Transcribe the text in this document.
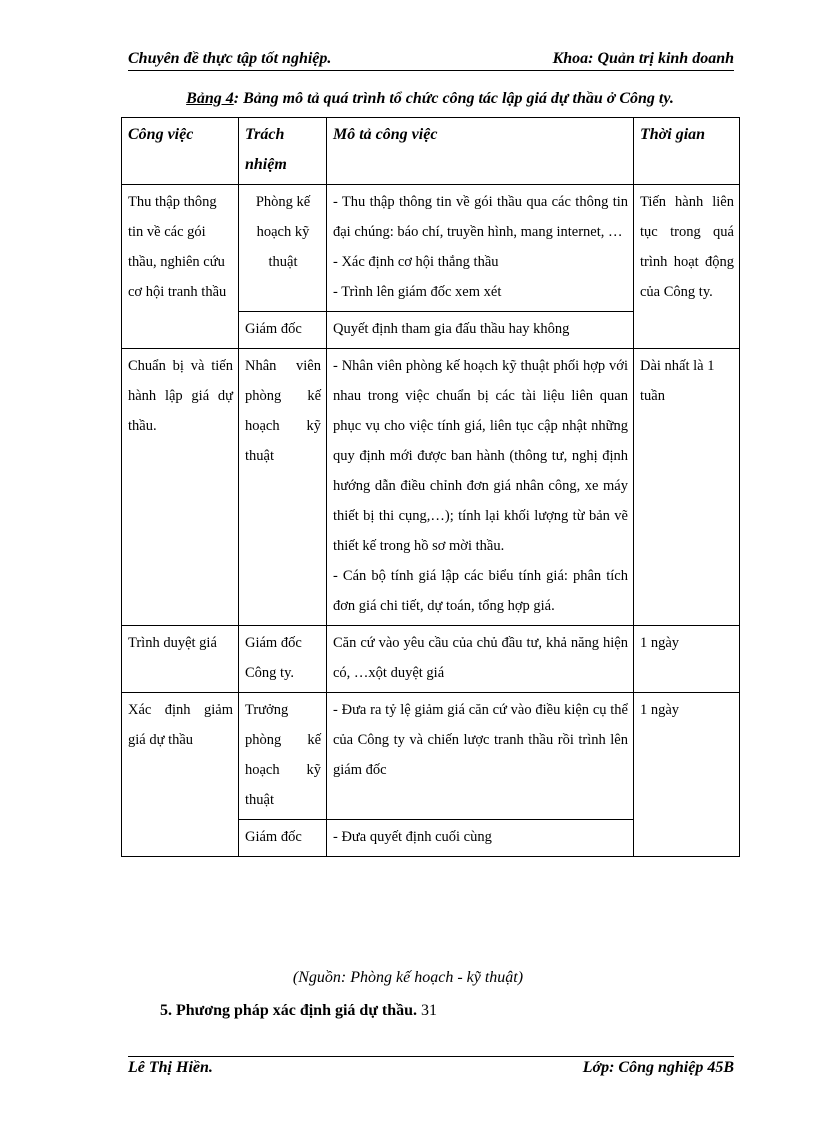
Chuyên đề thực tập tốt nghiệp.	Khoa: Quản trị kinh doanh
Bảng 4: Bảng mô tả quá trình tổ chức công tác lập giá dự thầu ở Công ty.
Công việc	Trách nhiệm	Mô tả công việc	Thời gian
Thu thập thông tin về các gói thầu, nghiên cứu cơ hội tranh thầu	Phòng kế hoạch kỹ thuật	- Thu thập thông tin về gói thầu qua các thông tin đại chúng: báo chí, truyền hình, mang internet, …
- Xác định cơ hội thắng thầu
- Trình lên giám đốc xem xét	Tiến hành liên tục trong quá trình hoạt động của Công ty.
	Giám đốc	Quyết định tham gia đấu thầu hay không	
Chuẩn bị và tiến hành lập giá dự thầu.	Nhân viên phòng kế hoạch kỹ thuật	- Nhân viên phòng kế hoạch kỹ thuật phối hợp với nhau trong việc chuẩn bị các tài liệu liên quan phục vụ cho việc tính giá, liên tục cập nhật những quy định mới được ban hành (thông tư, nghị định hướng dẫn điều chỉnh đơn giá nhân công, xe máy thiết bị thi cụng,…); tính lại khối lượng từ bản vẽ thiết kế trong hồ sơ mời thầu.
- Cán bộ tính giá lập các biểu tính giá: phân tích đơn giá chi tiết, dự toán, tổng hợp giá.	Dài nhất là 1 tuần
Trình duyệt giá	Giám đốc Công ty.	Căn cứ vào yêu cầu của chủ đầu tư, khả năng hiện có, …xột duyệt giá	1 ngày
Xác định giảm giá dự thầu	Trưởng phòng kế hoạch kỹ thuật	- Đưa ra tỷ lệ giảm giá căn cứ vào điều kiện cụ thể của Công ty và chiến lược tranh thầu rồi trình lên giám đốc	1 ngày
	Giám đốc	- Đưa quyết định cuối cùng	
(Nguồn: Phòng kế hoạch - kỹ thuật)
5. Phương pháp xác định giá dự thầu. 31
Lê Thị Hiền.	Lớp: Công nghiệp 45B
